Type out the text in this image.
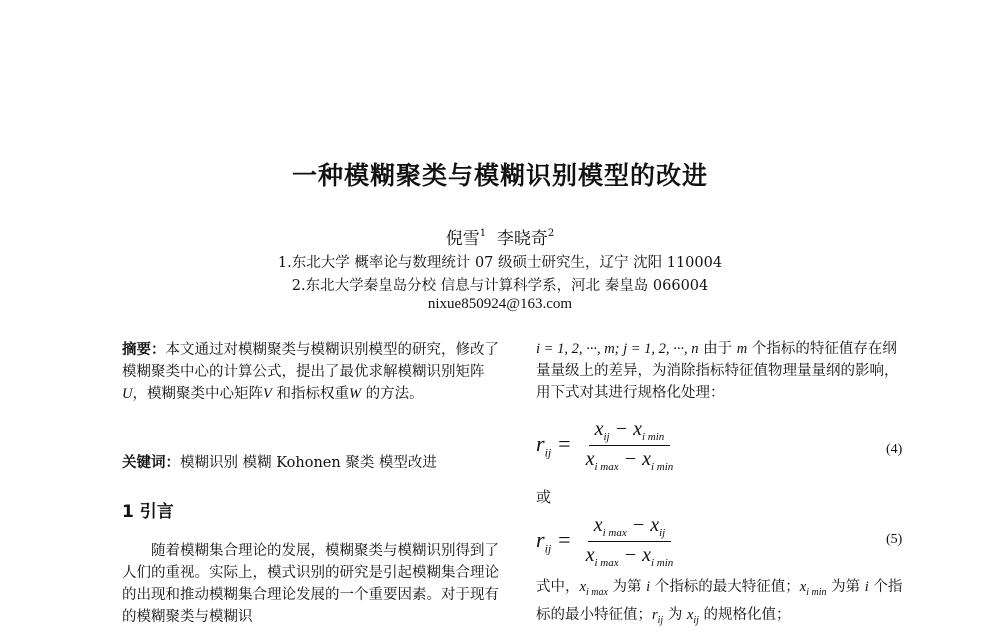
一种模糊聚类与模糊识别模型的改进
倪雪$^1$ 李晓奇$^2$
1.东北大学 概率论与数理统计 07 级硕士研究生，辽宁 沈阳 110004
2.东北大学秦皇岛分校 信息与计算科学系，河北 秦皇岛 066004
nixue850924@163.com
摘要：本文通过对模糊聚类与模糊识别模型的研究，修改了模糊聚类中心的计算公式，提出了最优求解模糊识别矩阵U，模糊聚类中心矩阵V 和指标权重W 的方法。
关键词：模糊识别 模糊 Kohonen 聚类 模型改进
1 引言
随着模糊集合理论的发展，模糊聚类与模糊识别得到了人们的重视。实际上，模式识别的研究是引起模糊集合理论的出现和推动模糊集合理论发展的一个重要因素。对于现有的模糊聚类与模糊识
i = 1, 2, ···, m; j = 1, 2, ···, n 由于 m 个指标的特征值存在纲量量级上的差异，为消除指标特征值物理量量纲的影响，用下式对其进行规格化处理：
$r_{ij} = \frac{x_{ij} - x_{i min}}{x_{i max} - x_{i min}}$	(4)
或
$r_{ij} = \frac{x_{i max} - x_{ij}}{x_{i max} - x_{i min}}$	(5)
式中，$x_{i max}$ 为第 i 个指标的最大特征值；$x_{i min}$ 为第 i 个指标的最小特征值；$r_{ij}$ 为 $x_{ij}$ 的规格化值；
